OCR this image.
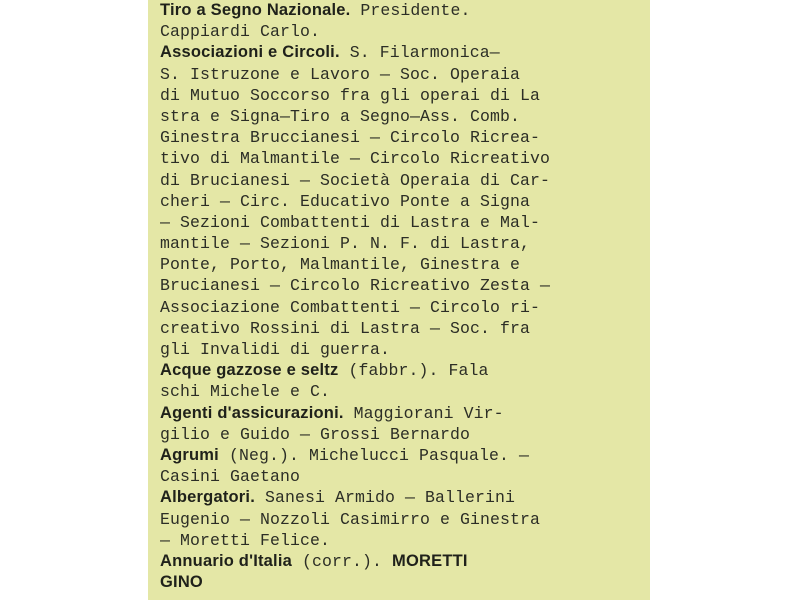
Tiro a Segno Nazionale. Presidente.
Cappiardi Carlo.
Associazioni e Circoli. S. Filarmonica—
S. Istruzone e Lavoro — Soc. Operaia
di Mutuo Soccorso fra gli operai di La
stra e Signa—Tiro a Segno—Ass. Comb.
Ginestra Bruccianesi — Circolo Ricrea-
tivo di Malmantile — Circolo Ricreativo
di Brucianesi — Società Operaia di Car-
cheri — Circ. Educativo Ponte a Signa
— Sezioni Combattenti di Lastra e Mal-
mantile — Sezioni P. N. F. di Lastra,
Ponte, Porto, Malmantile, Ginestra e
Brucianesi — Circolo Ricreativo Zesta —
Associazione Combattenti — Circolo ri-
creativo Rossini di Lastra — Soc. fra
gli Invalidi di guerra.
Acque gazzose e seltz (fabbr.). Fala
schi Michele e C.
Agenti d'assicurazioni. Maggiorani Vir-
gilio e Guido — Grossi Bernardo
Agrumi (Neg.). Michelucci Pasquale. —
Casini Gaetano
Albergatori. Sanesi Armido — Ballerini
Eugenio — Nozzoli Casimirro e Ginestra
— Moretti Felice.
Annuario d'Italia (corr.). MORETTI
GINO
